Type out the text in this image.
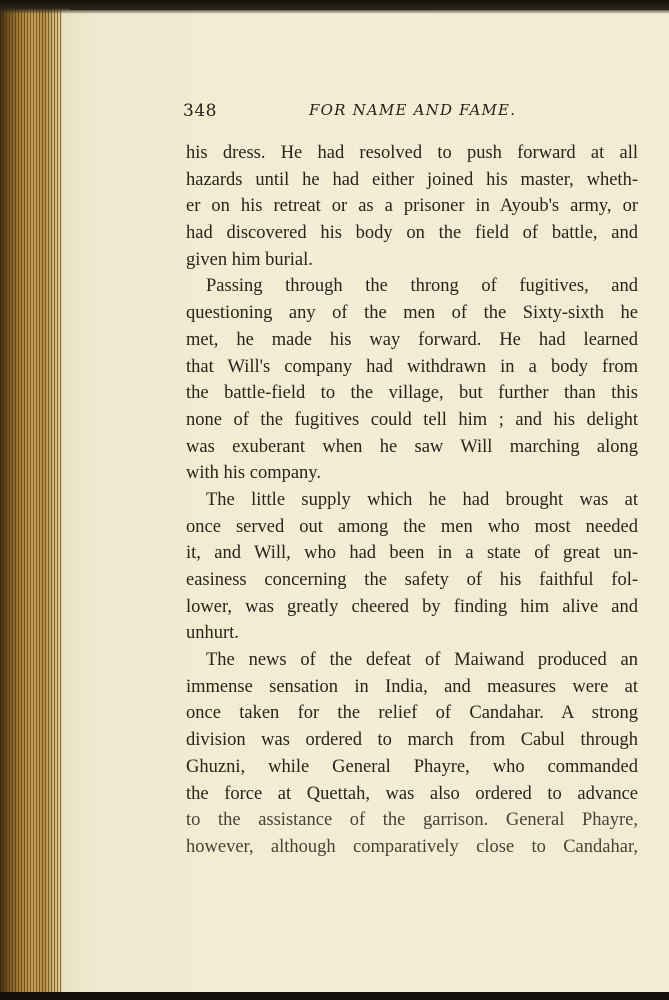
348	FOR NAME AND FAME.
his dress. He had resolved to push forward at all
hazards until he had either joined his master, wheth-
er on his retreat or as a prisoner in Ayoub's army, or
had discovered his body on the field of battle, and
given him burial.
Passing through the throng of fugitives, and
questioning any of the men of the Sixty-sixth he
met, he made his way forward. He had learned
that Will's company had withdrawn in a body from
the battle-field to the village, but further than this
none of the fugitives could tell him ; and his delight
was exuberant when he saw Will marching along
with his company.
The little supply which he had brought was at
once served out among the men who most needed
it, and Will, who had been in a state of great un-
easiness concerning the safety of his faithful fol-
lower, was greatly cheered by finding him alive and
unhurt.
The news of the defeat of Maiwand produced an
immense sensation in India, and measures were at
once taken for the relief of Candahar. A strong
division was ordered to march from Cabul through
Ghuzni, while General Phayre, who commanded
the force at Quettah, was also ordered to advance
to the assistance of the garrison. General Phayre,
however, although comparatively close to Candahar,
